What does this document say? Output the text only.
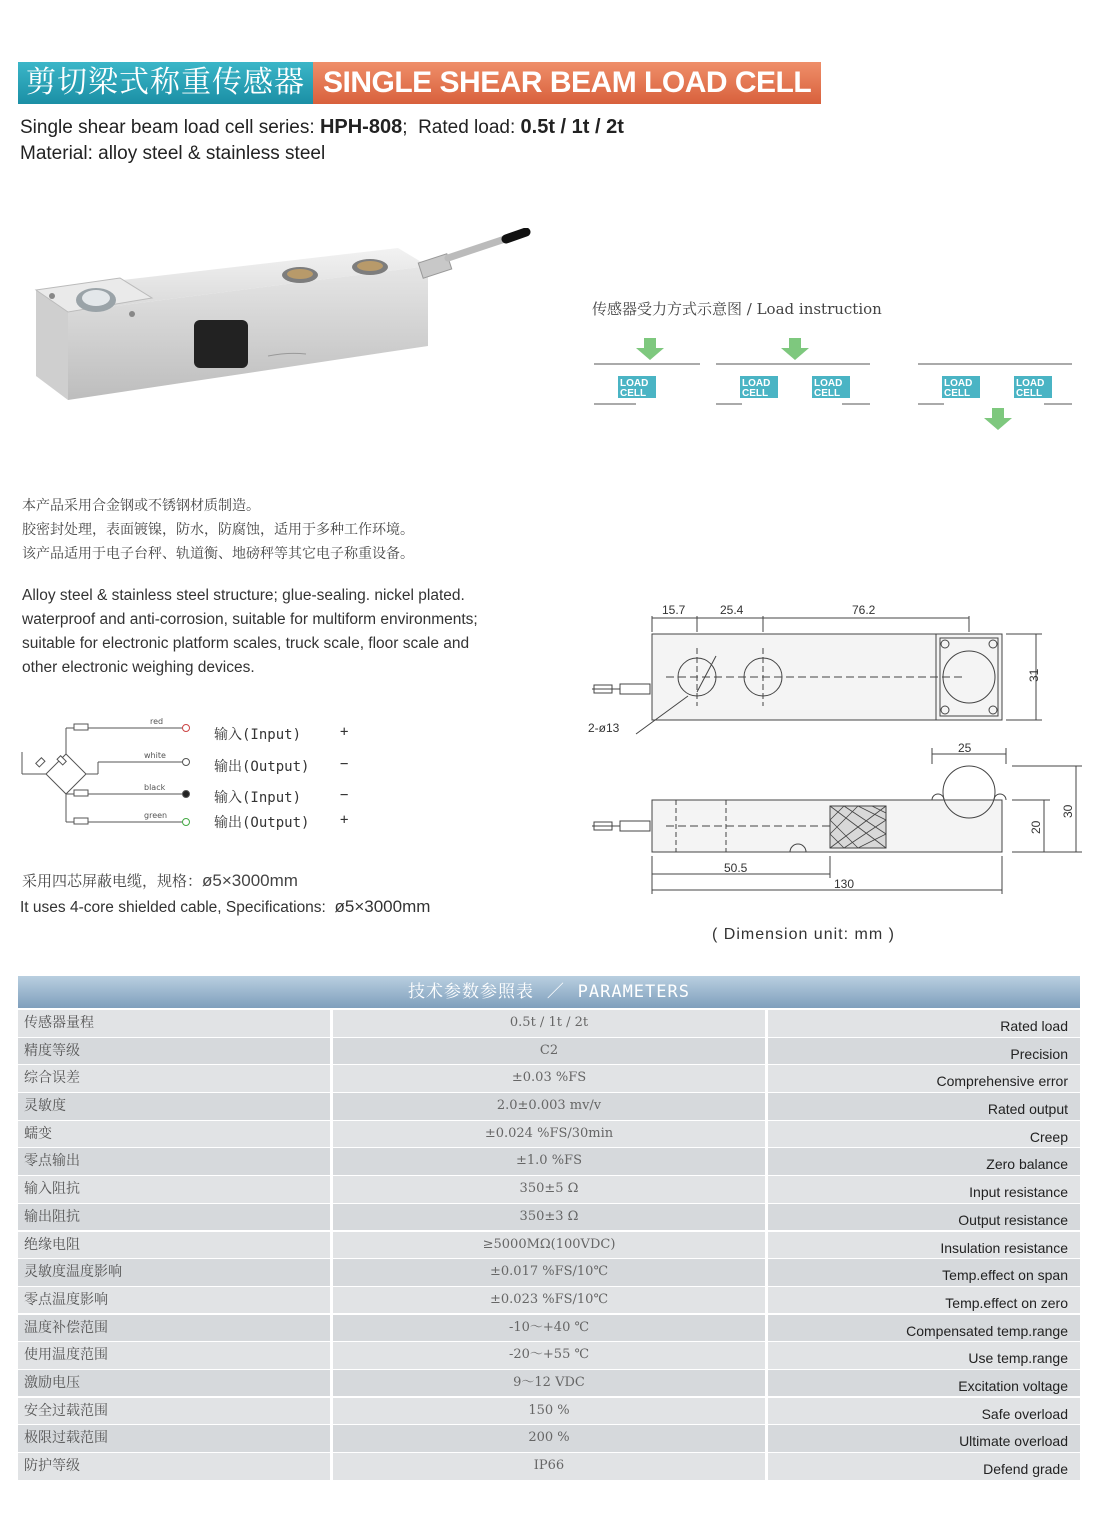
剪切梁式称重传感器 SINGLE SHEAR BEAM LOAD CELL
Single shear beam load cell series: HPH-808; Rated load: 0.5t / 1t / 2t
Material: alloy steel & stainless steel
传感器受力方式示意图 / Load instruction
LOAD
CELL
LOAD
CELL
LOAD
CELL
LOAD
CELL
LOAD
CELL
本产品采用合金钢或不锈钢材质制造。
胶密封处理，表面镀镍，防水，防腐蚀，适用于多种工作环境。
该产品适用于电子台秤、轨道衡、地磅秤等其它电子称重设备。
Alloy steel & stainless steel structure; glue-sealing. nickel plated.
waterproof and anti-corrosion, suitable for multiform environments;
suitable for electronic platform scales, truck scale, floor scale and
other electronic weighing devices.
red
white
black
green
输入(Input)	+
输出(Output) −
输入(Input)	−
输出(Output) +
采用四芯屏蔽电缆，规格：ø5×3000mm
It uses 4-core shielded cable, Specifications: ø5×3000mm
15.7	25.4	76.2
31
2-ø13
25
30
20
50.5
130
( Dimension unit: mm )
技术参数参照表 ／ PARAMETERS
传感器量程	0.5t / 1t / 2t	Rated load
精度等级	C2	Precision
综合误差	±0.03 %FS	Comprehensive error
灵敏度	2.0±0.003 mv/v	Rated output
蠕变	±0.024 %FS/30min	Creep
零点输出	±1.0 %FS	Zero balance
输入阻抗	350±5 Ω	Input resistance
输出阻抗	350±3 Ω	Output resistance
绝缘电阻	≥5000MΩ(100VDC)	Insulation resistance
灵敏度温度影响	±0.017 %FS/10℃	Temp.effect on span
零点温度影响	±0.023 %FS/10℃	Temp.effect on zero
温度补偿范围	-10～+40 ℃	Compensated temp.range
使用温度范围	-20～+55 ℃	Use temp.range
激励电压	9～12 VDC	Excitation voltage
安全过载范围	150 %	Safe overload
极限过载范围	200 %	Ultimate overload
防护等级	IP66	Defend grade
